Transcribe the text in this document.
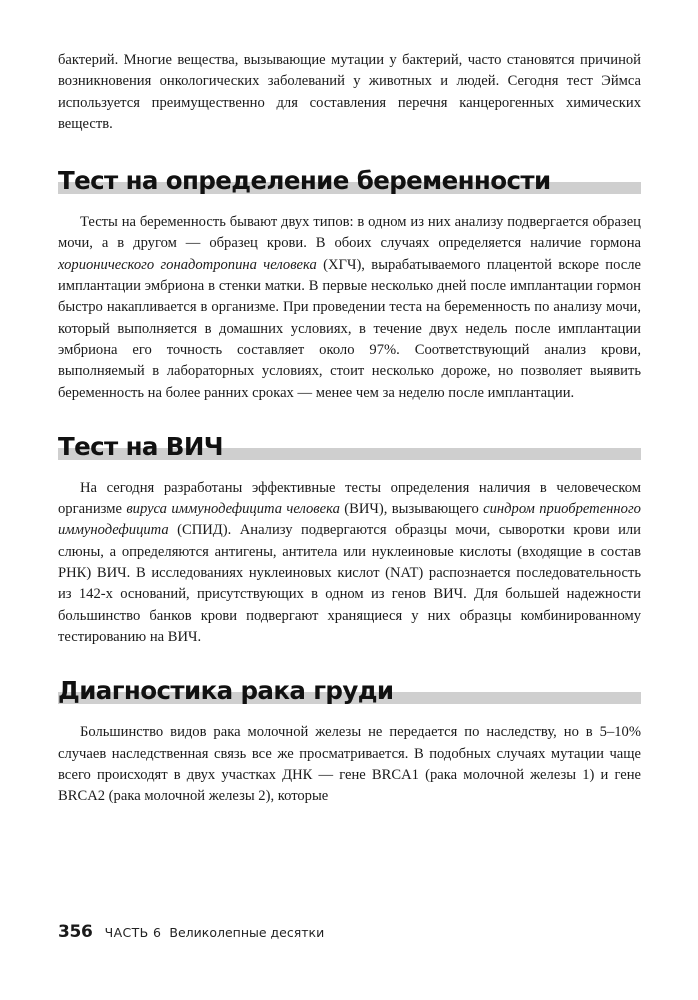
бактерий. Многие вещества, вызывающие мутации у бактерий, часто становятся причиной возникновения онкологических заболеваний у животных и людей. Сегодня тест Эймса используется преимущественно для составления перечня канцерогенных химических веществ.

Тест на определение беременности

Тесты на беременность бывают двух типов: в одном из них анализу подвергается образец мочи, а в другом — образец крови. В обоих случаях определяется наличие гормона хорионического гонадотропина человека (ХГЧ), вырабатываемого плацентой вскоре после имплантации эмбриона в стенки матки. В первые несколько дней после имплантации гормон быстро накапливается в организме. При проведении теста на беременность по анализу мочи, который выполняется в домашних условиях, в течение двух недель после имплантации эмбриона его точность составляет около 97%. Соответствующий анализ крови, выполняемый в лабораторных условиях, стоит несколько дороже, но позволяет выявить беременность на более ранних сроках — менее чем за неделю после имплантации.

Тест на ВИЧ

На сегодня разработаны эффективные тесты определения наличия в человеческом организме вируса иммунодефицита человека (ВИЧ), вызывающего синдром приобретенного иммунодефицита (СПИД). Анализу подвергаются образцы мочи, сыворотки крови или слюны, а определяются антигены, антитела или нуклеиновые кислоты (входящие в состав РНК) ВИЧ. В исследованиях нуклеиновых кислот (NAT) распознается последовательность из 142-х оснований, присутствующих в одном из генов ВИЧ. Для большей надежности большинство банков крови подвергают хранящиеся у них образцы комбинированному тестированию на ВИЧ.

Диагностика рака груди

Большинство видов рака молочной железы не передается по наследству, но в 5–10% случаев наследственная связь все же просматривается. В подобных случаях мутации чаще всего происходят в двух участках ДНК — гене BRCA1 (рака молочной железы 1) и гене BRCA2 (рака молочной железы 2), которые

356 ЧАСТЬ 6 Великолепные десятки
